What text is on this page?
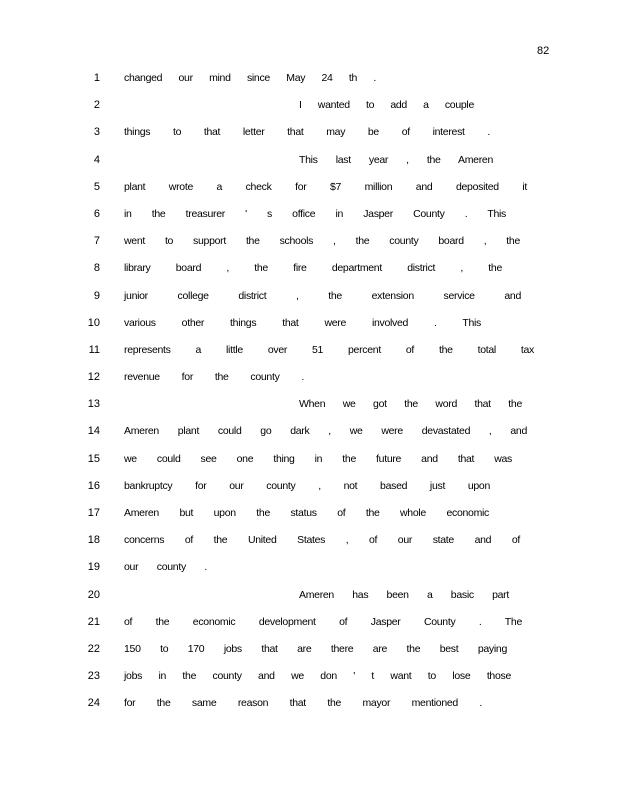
82
1 changed our mind since May 24 th .
2	I wanted to add a couple
3 things to that letter that may be of interest .
4	This last year , the Ameren
5 plant wrote a check for $7 million and deposited it
6 in the treasurer ' s office in Jasper County . This
7 went to support the schools , the county board , the
8 library board , the fire department district , the
9 junior college district , the extension service and
10 various other things that were involved . This
11 represents a little over 51 percent of the total tax
12 revenue for the county .
13	When we got the word that the
14 Ameren plant could go dark , we were devastated , and
15 we could see one thing in the future and that was
16 bankruptcy for our county , not based just upon
17 Ameren but upon the status of the whole economic
18 concerns of the United States , of our state and of
19 our county .
20	Ameren has been a basic part
21 of the economic development of Jasper County . The
22 150 to 170 jobs that are there are the best paying
23 jobs in the county and we don ' t want to lose those
24 for the same reason that the mayor mentioned .
